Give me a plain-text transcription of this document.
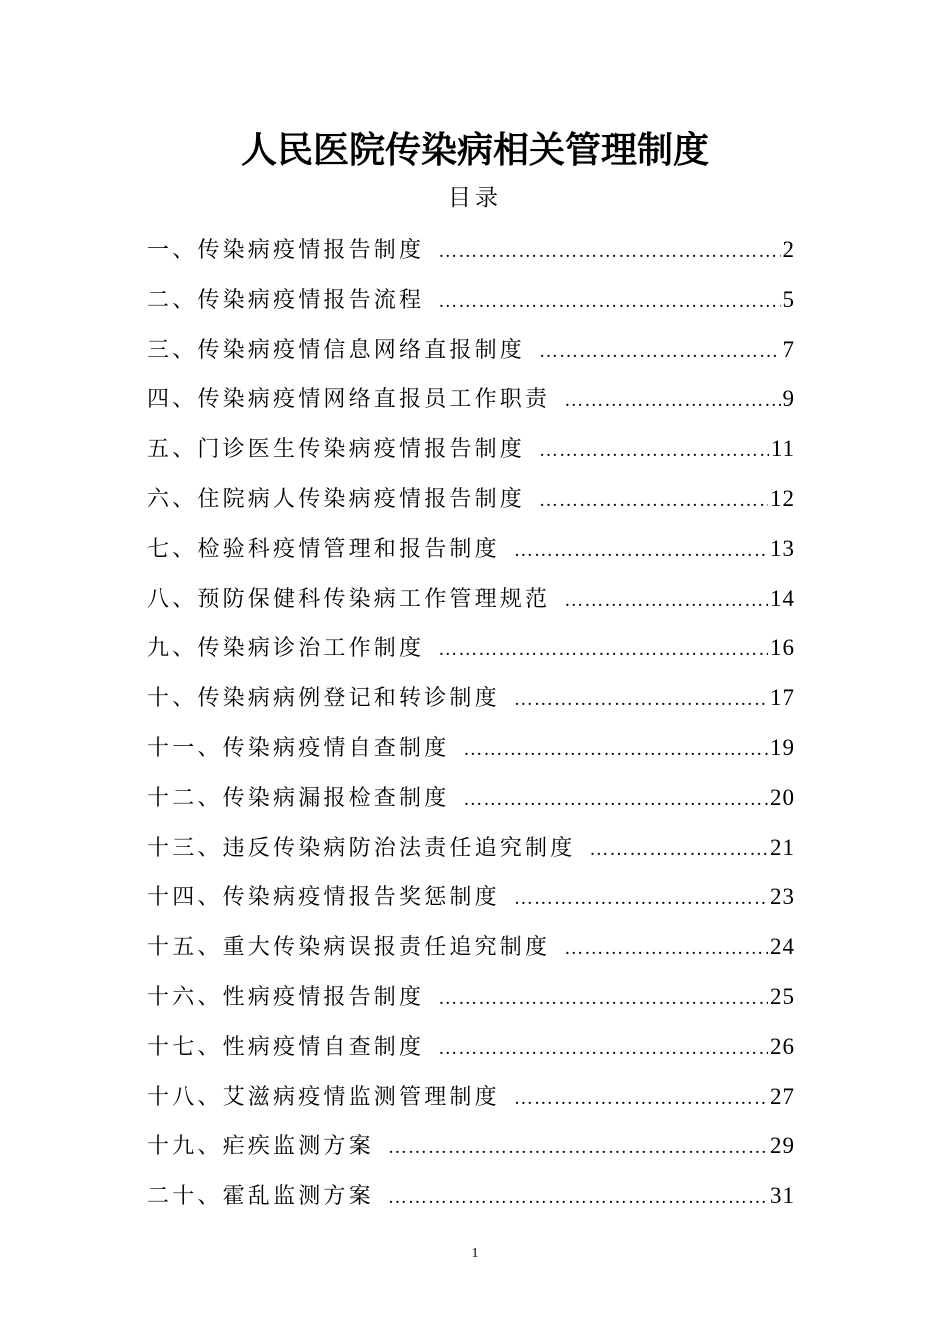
人民医院传染病相关管理制度
目录
一、传染病疫情报告制度 …………………………………………………………………………………………………………	2
二、传染病疫情报告流程 …………………………………………………………………………………………………………	5
三、传染病疫情信息网络直报制度 …………………………………………………………………………………………………………	7
四、传染病疫情网络直报员工作职责 …………………………………………………………………………………………………………	9
五、门诊医生传染病疫情报告制度 …………………………………………………………………………………………………………	11
六、住院病人传染病疫情报告制度 …………………………………………………………………………………………………………	12
七、检验科疫情管理和报告制度 …………………………………………………………………………………………………………	13
八、预防保健科传染病工作管理规范 …………………………………………………………………………………………………………	14
九、传染病诊治工作制度 …………………………………………………………………………………………………………	16
十、传染病病例登记和转诊制度 …………………………………………………………………………………………………………	17
十一、传染病疫情自查制度 …………………………………………………………………………………………………………	19
十二、传染病漏报检查制度 …………………………………………………………………………………………………………	20
十三、违反传染病防治法责任追究制度 …………………………………………………………………………………………………………	21
十四、传染病疫情报告奖惩制度 …………………………………………………………………………………………………………	23
十五、重大传染病误报责任追究制度 …………………………………………………………………………………………………………	24
十六、性病疫情报告制度 …………………………………………………………………………………………………………	25
十七、性病疫情自查制度 …………………………………………………………………………………………………………	26
十八、艾滋病疫情监测管理制度 …………………………………………………………………………………………………………	27
十九、疟疾监测方案 …………………………………………………………………………………………………………	29
二十、霍乱监测方案 …………………………………………………………………………………………………………	31
1
